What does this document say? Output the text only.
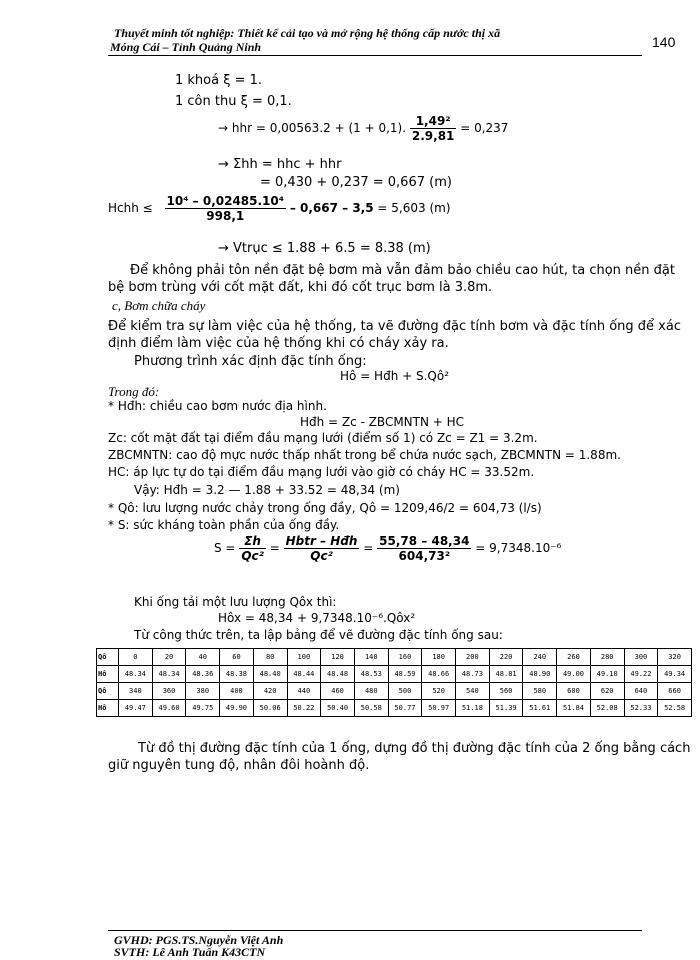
Thuyết minh tốt nghiệp: Thiết kế cải tạo và mở rộng hệ thống cấp nước thị xã
Móng Cái – Tỉnh Quảng Ninh	140
1 khoá ξ = 1.
1 côn thu ξ = 0,1.
→ hhr = 0,00563.2 + (1 + 0,1). $\frac{\text{1,49²}}{2.9,81} = 0,237$
→ Σhh = hhc + hhr
= 0,430 + 0,237 = 0,667 (m)
Hchh ≤ $\frac{\text{10⁴ – 0,02485.10⁴}}{998,1} - 0,667 - 3,5 = 5,603$ (m)
→ Vtrục ≤ 1.88 + 6.5 = 8.38 (m)
Để không phải tôn nền đặt bệ bơm mà vẫn đảm bảo chiều cao hút, ta chọn nền đặt bệ bơm trùng với cốt mặt đất, khi đó cốt trục bơm là 3.8m.
c, Bơm chữa cháy
Để kiểm tra sự làm việc của hệ thống, ta vẽ đường đặc tính bơm và đặc tính ống để xác định điểm làm việc của hệ thống khi có cháy xảy ra.
Phương trình xác định đặc tính ống:
Hô = Hđh + S.Qô²
Trong đó:
* Hđh: chiều cao bơm nước địa hình.
Hđh = Zc - ZBCMNTN + HC
Zc: cốt mặt đất tại điểm đầu mạng lưới (điểm số 1) có Zc = Z1 = 3.2m.
ZBCMNTN: cao độ mực nước thấp nhất trong bể chứa nước sạch, ZBCMNTN = 1.88m.
HC: áp lực tự do tại điểm đầu mạng lưới vào giờ có cháy HC = 33.52m.
Vậy: Hđh = 3.2 — 1.88 + 33.52 = 48,34 (m)
* Qô: lưu lượng nước chảy trong ống đầy, Qô = 1209,46/2 = 604,73 (l/s)
* S: sức kháng toàn phần của ống đầy.
$S = \frac{\Sigma h}{\text{Qc²}} = \frac{\text{Hbtr – Hđh}}{\text{Qc²}} = \frac{55,78 - 48,34}{\text{604,73²}} = 9,7348.10^{-6}$
Khi ống tải một lưu lượng Qôx thì:
Hôx = 48,34 + 9,7348.10⁻⁶.Qôx²
Từ công thức trên, ta lập bảng để vẽ đường đặc tính ống sau:
Qô	0	20	40	60	80	100	120	140	160	180	200	220	240	260	280	300	320
Hô	48.34	48.34	48.36	48.38	48.40	48.44	48.48	48.53	48.59	48.66	48.73	48.81	48.90	49.00	49.10	49.22	49.34
Qô	340	360	380	400	420	440	460	480	500	520	540	560	580	600	620	640	660
Hô	49.47	49.60	49.75	49.90	50.06	50.22	50.40	50.58	50.77	50.97	51.18	51.39	51.61	51.84	52.08	52.33	52.58
Từ đồ thị đường đặc tính của 1 ống, dựng đồ thị đường đặc tính của 2 ống bằng cách giữ nguyên tung độ, nhân đôi hoành độ.
GVHD: PGS.TS.Nguyễn Việt Anh
SVTH: Lê Anh Tuấn K43CTN
